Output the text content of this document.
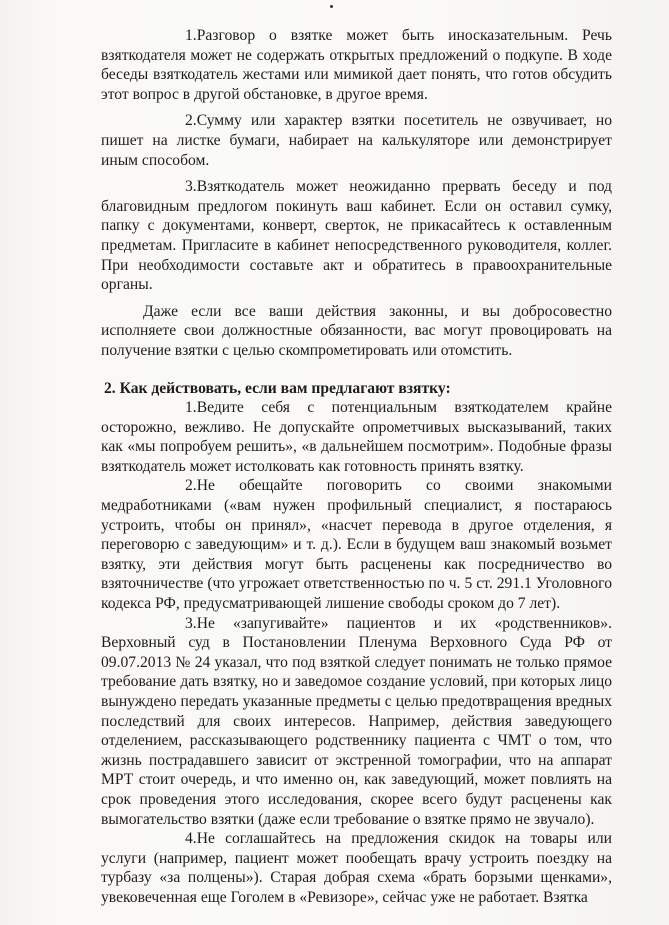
1.Разговор о взятке может быть иносказательным. Речь взяткодателя может не содержать открытых предложений о подкупе. В ходе беседы взяткодатель жестами или мимикой дает понять, что готов обсудить этот вопрос в другой обстановке, в другое время.

2.Сумму или характер взятки посетитель не озвучивает, но пишет на листке бумаги, набирает на калькуляторе или демонстрирует иным способом.

3.Взяткодатель может неожиданно прервать беседу и под благовидным предлогом покинуть ваш кабинет. Если он оставил сумку, папку с документами, конверт, сверток, не прикасайтесь к оставленным предметам. Пригласите в кабинет непосредственного руководителя, коллег. При необходимости составьте акт и обратитесь в правоохранительные органы.

Даже если все ваши действия законны, и вы добросовестно исполняете свои должностные обязанности, вас могут провоцировать на получение взятки с целью скомпрометировать или отомстить.

2. Как действовать, если вам предлагают взятку:

1.Ведите себя с потенциальным взяткодателем крайне осторожно, вежливо. Не допускайте опрометчивых высказываний, таких как «мы попробуем решить», «в дальнейшем посмотрим». Подобные фразы взяткодатель может истолковать как готовность принять взятку.

2.Не обещайте поговорить со своими знакомыми медработниками («вам нужен профильный специалист, я постараюсь устроить, чтобы он принял», «насчет перевода в другое отделения, я переговорю с заведующим» и т. д.). Если в будущем ваш знакомый возьмет взятку, эти действия могут быть расценены как посредничество во взяточничестве (что угрожает ответственностью по ч. 5 ст. 291.1 Уголовного кодекса РФ, предусматривающей лишение свободы сроком до 7 лет).

3.Не «запугивайте» пациентов и их «родственников». Верховный суд в Постановлении Пленума Верховного Суда РФ от 09.07.2013 № 24 указал, что под взяткой следует понимать не только прямое требование дать взятку, но и заведомое создание условий, при которых лицо вынуждено передать указанные предметы с целью предотвращения вредных последствий для своих интересов. Например, действия заведующего отделением, рассказывающего родственнику пациента с ЧМТ о том, что жизнь пострадавшего зависит от экстренной томографии, что на аппарат МРТ стоит очередь, и что именно он, как заведующий, может повлиять на срок проведения этого исследования, скорее всего будут расценены как вымогательство взятки (даже если требование о взятке прямо не звучало).

4.Не соглашайтесь на предложения скидок на товары или услуги (например, пациент может пообещать врачу устроить поездку на турбазу «за полцены»). Старая добрая схема «брать борзыми щенками», увековеченная еще Гоголем в «Ревизоре», сейчас уже не работает. Взятка
